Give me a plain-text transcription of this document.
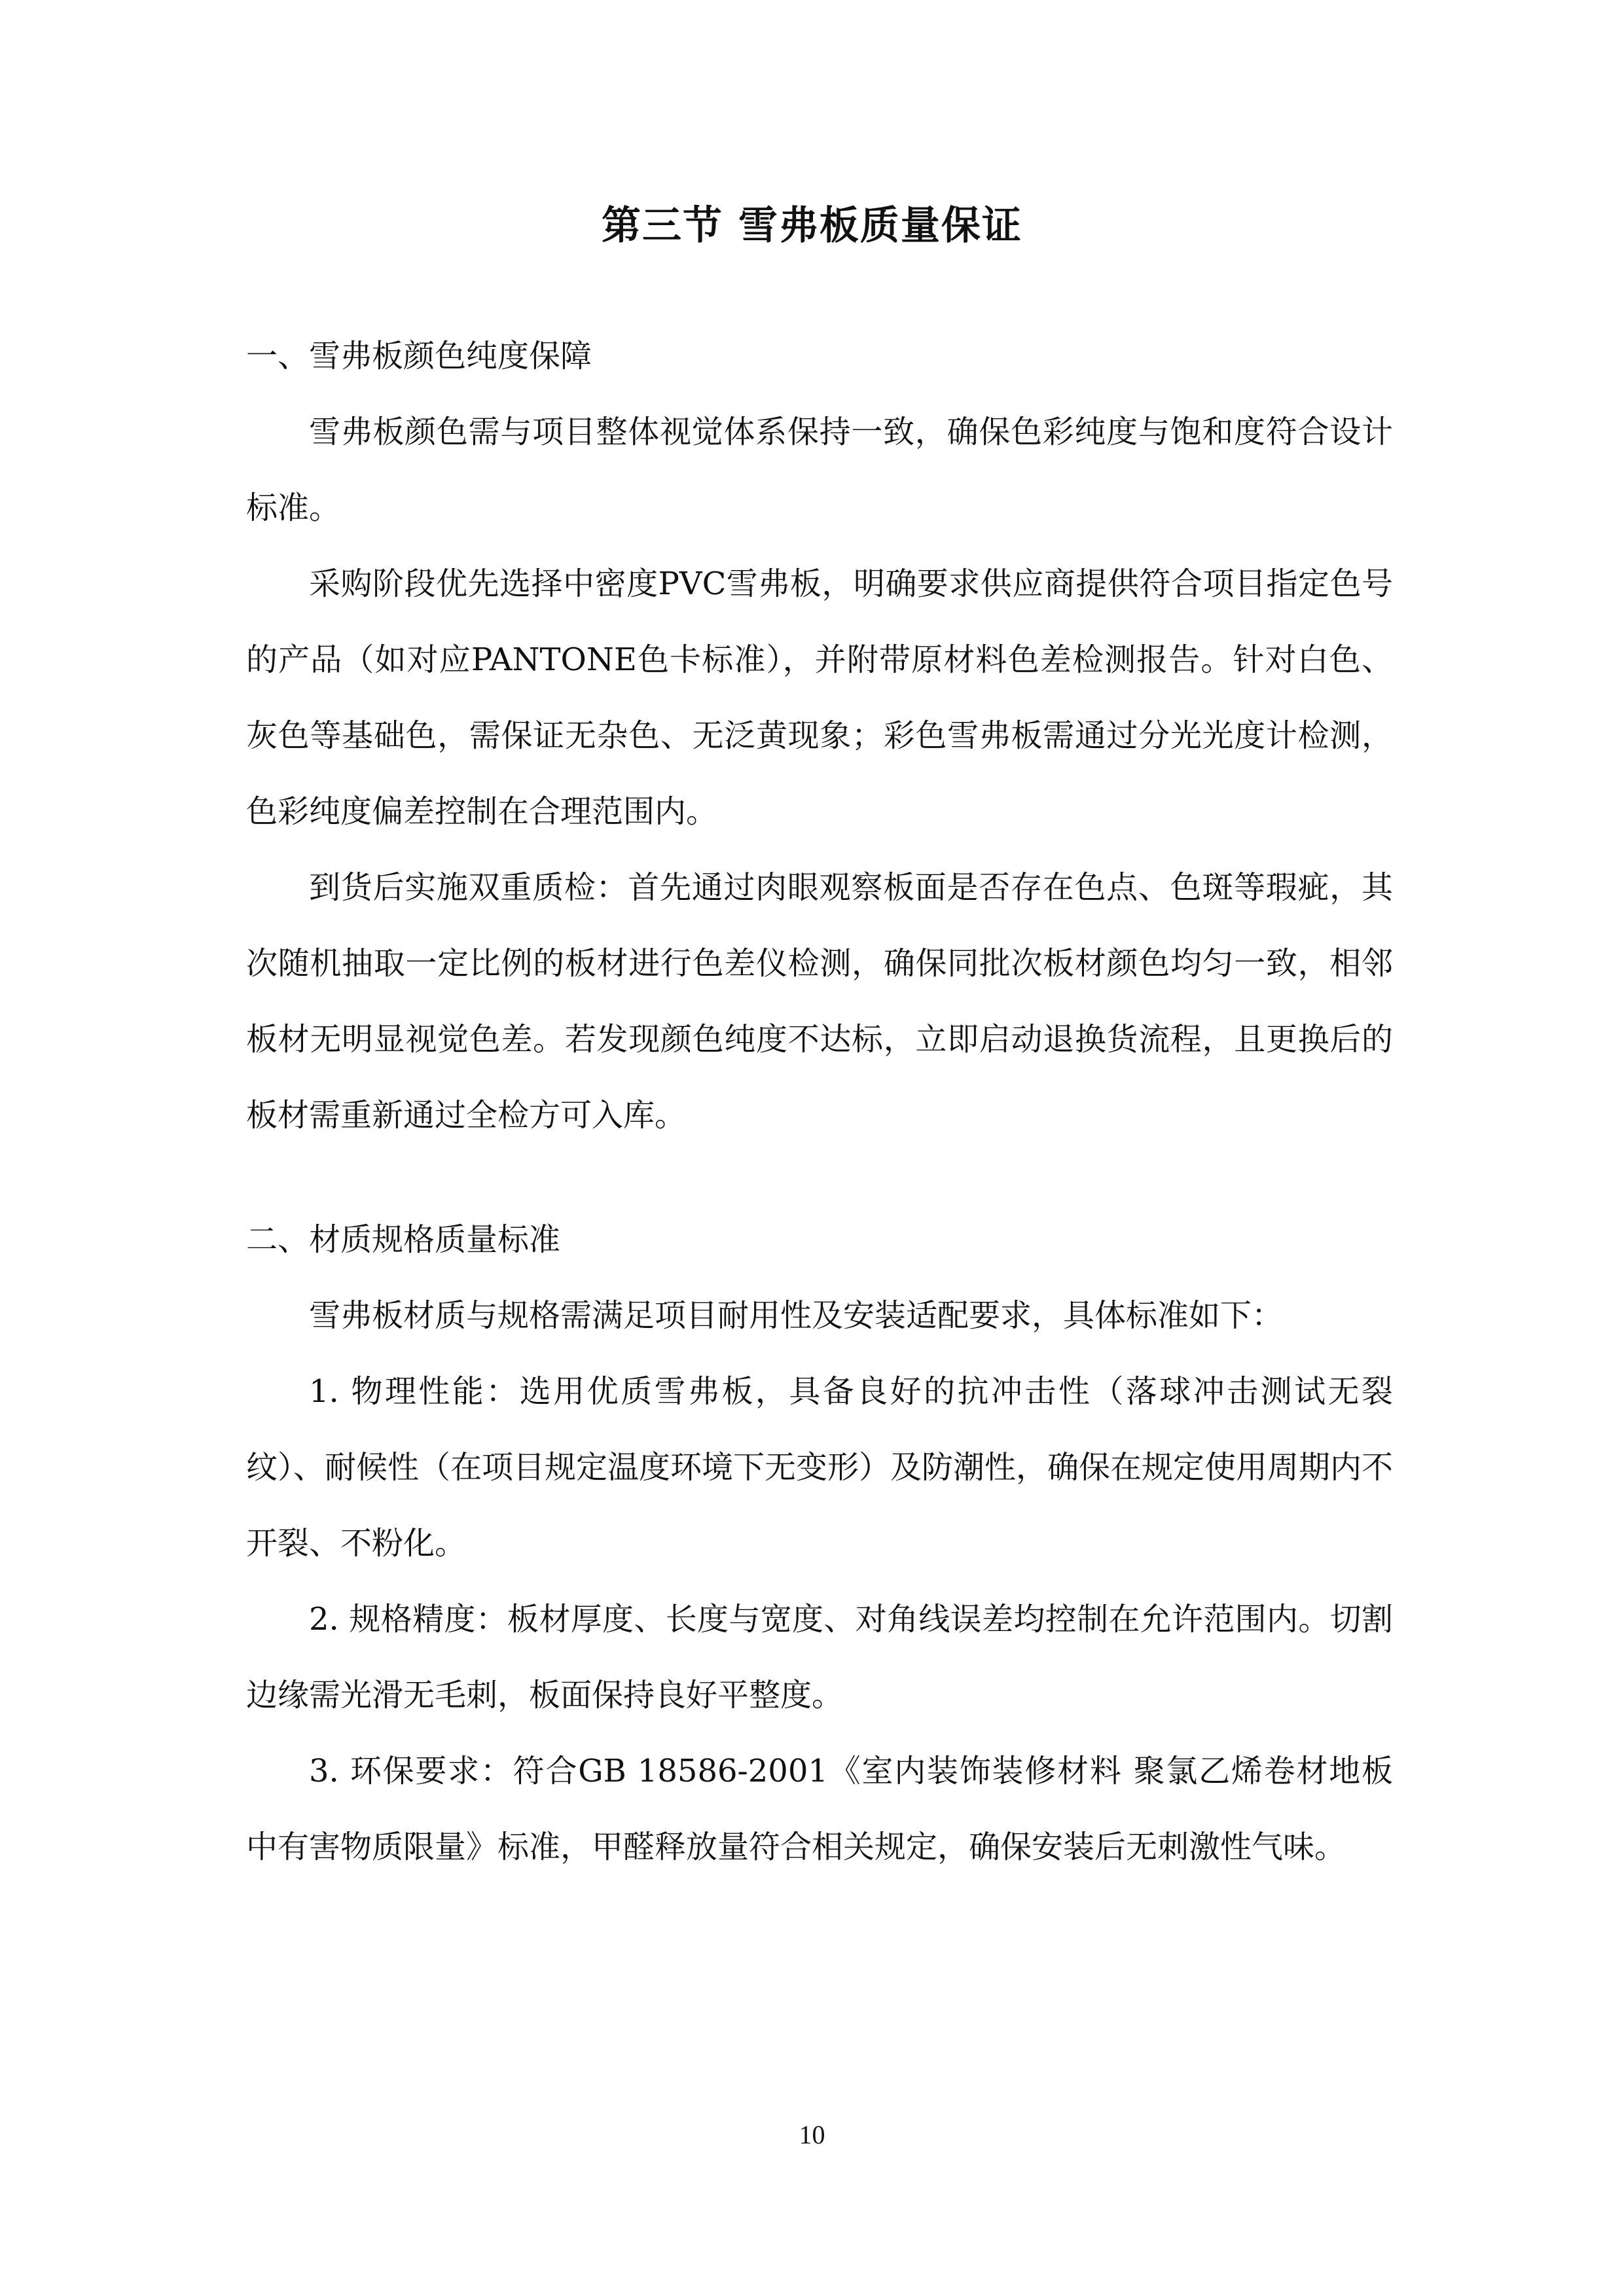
第三节 雪弗板质量保证
一、雪弗板颜色纯度保障

雪弗板颜色需与项目整体视觉体系保持一致，确保色彩纯度与饱和度符合设计标准。

采购阶段优先选择中密度PVC雪弗板，明确要求供应商提供符合项目指定色号的产品（如对应PANTONE色卡标准），并附带原材料色差检测报告。针对白色、灰色等基础色，需保证无杂色、无泛黄现象；彩色雪弗板需通过分光光度计检测，色彩纯度偏差控制在合理范围内。

到货后实施双重质检：首先通过肉眼观察板面是否存在色点、色斑等瑕疵，其次随机抽取一定比例的板材进行色差仪检测，确保同批次板材颜色均匀一致，相邻板材无明显视觉色差。若发现颜色纯度不达标，立即启动退换货流程，且更换后的板材需重新通过全检方可入库。

二、材质规格质量标准

雪弗板材质与规格需满足项目耐用性及安装适配要求，具体标准如下：

1. 物理性能：选用优质雪弗板，具备良好的抗冲击性（落球冲击测试无裂纹）、耐候性（在项目规定温度环境下无变形）及防潮性，确保在规定使用周期内不开裂、不粉化。

2. 规格精度：板材厚度、长度与宽度、对角线误差均控制在允许范围内。切割边缘需光滑无毛刺，板面保持良好平整度。

3. 环保要求：符合GB 18586-2001《室内装饰装修材料 聚氯乙烯卷材地板中有害物质限量》标准，甲醛释放量符合相关规定，确保安装后无刺激性气味。

10
